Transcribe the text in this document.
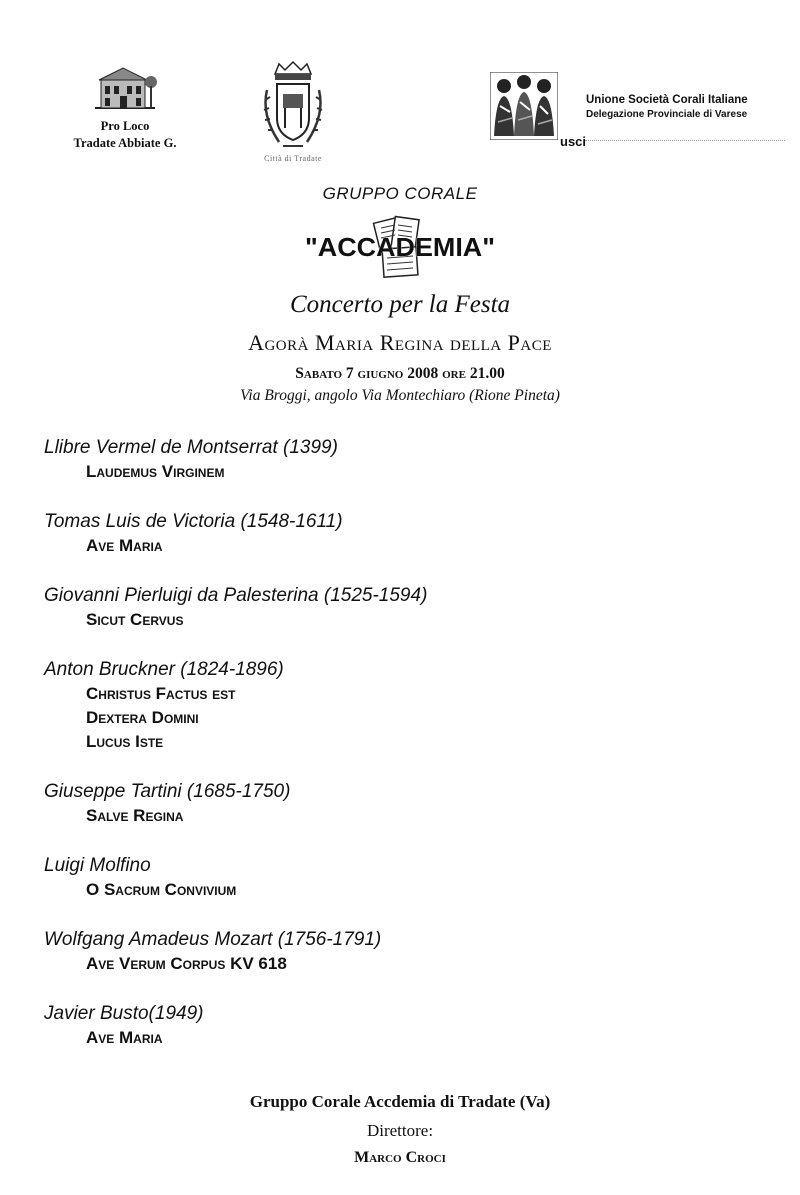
Pro Loco
Tradate Abbiate G.
Città di Tradate
Unione Società Corali Italiane
Delegazione Provinciale di Varese
usci
GRUPPO CORALE
"ACCADEMIA"
Concerto per la Festa
Agorà Maria Regina della Pace
Sabato 7 giugno 2008 ore 21.00
Via Broggi, angolo Via Montechiaro (Rione Pineta)

Llibre Vermel de Montserrat (1399)

Laudemus Virginem

Tomas Luis de Victoria (1548-1611)

Ave Maria

Giovanni Pierluigi da Palesterina (1525-1594)

Sicut Cervus

Anton Bruckner (1824-1896)

Christus Factus est

Dextera Domini

Lucus Iste

Giuseppe Tartini (1685-1750)

Salve Regina

Luigi Molfino

O Sacrum Convivium

Wolfgang Amadeus Mozart (1756-1791)

Ave Verum Corpus KV 618

Javier Busto(1949)

Ave Maria

Gruppo Corale Accdemia di Tradate (Va)
Direttore:
Marco Croci
